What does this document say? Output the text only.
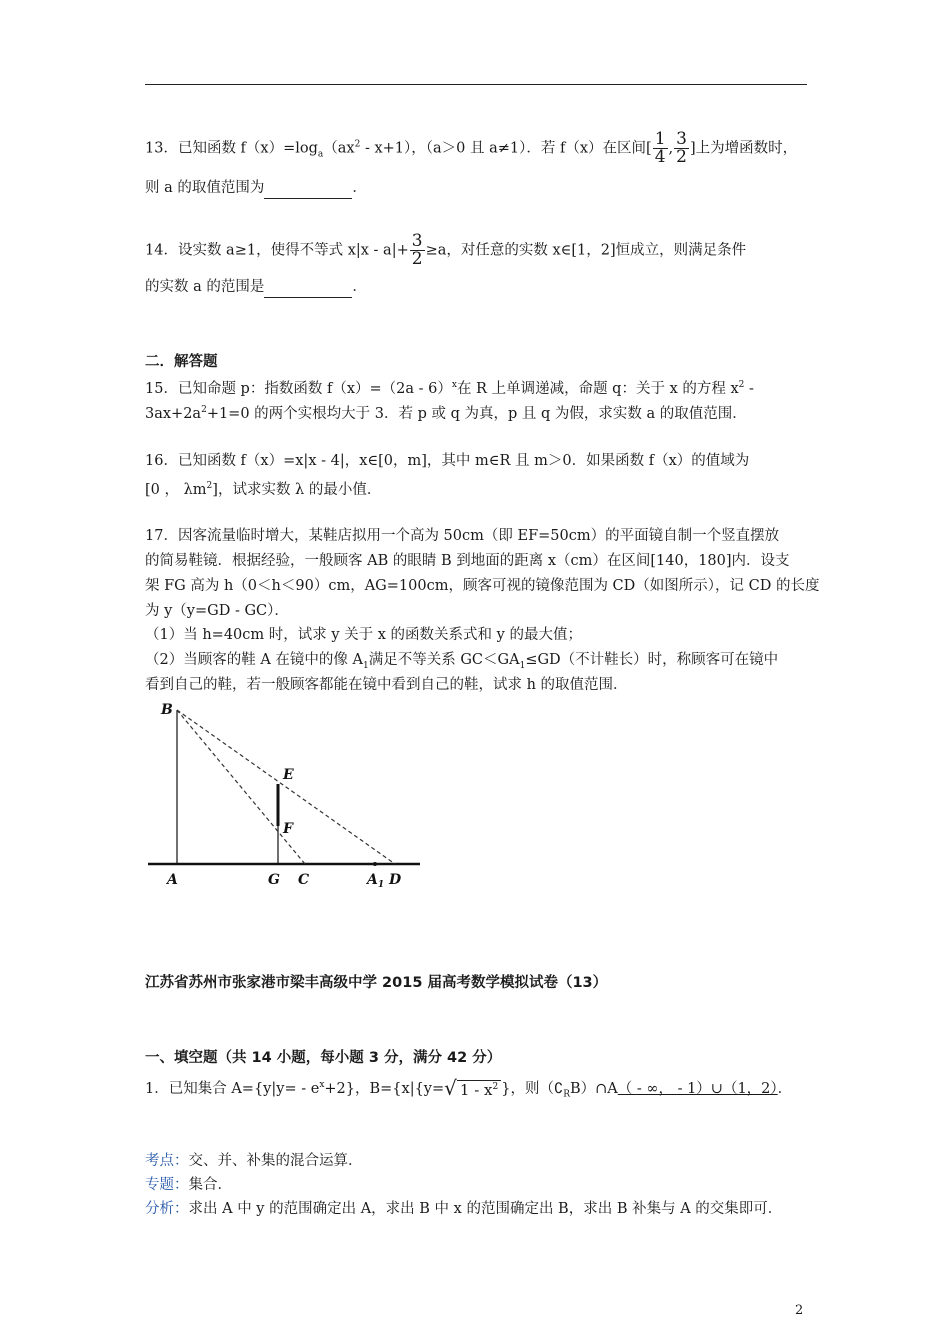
13．已知函数 $f(x)=\log_a(ax^2 - x+1)$，（a＞0 且 a≠1）．若 f（x）在区间[ $\frac{1}{4}$ , $\frac{3}{2}$ ]上为增函数时，
则 a 的取值范围为	．
14．设实数 a≥1，使得不等式 $x|x - a|+ \frac{3}{2} \ge a$，对任意的实数 x∈[1，2]恒成立，则满足条件
的实数 a 的范围是	．
二．解答题
15．已知命题 p：指数函数 f（x）=（2a - 6）$^x$在 R 上单调递减，命题 q：关于 x 的方程 $x^2$ -
$3ax+2a^2+1=0$ 的两个实根均大于 3．若 p 或 q 为真，p 且 q 为假，求实数 a 的取值范围．
16．已知函数 f（x）=x|x - 4|，x∈[0，m]，其中 m∈R 且 m＞0．如果函数 f（x）的值域为
[0 ， $\lambda m^2$]，试求实数 λ 的最小值．
17．因客流量临时增大，某鞋店拟用一个高为 50cm（即 EF=50cm）的平面镜自制一个竖直摆放
的简易鞋镜．根据经验，一般顾客 AB 的眼睛 B 到地面的距离 x（cm）在区间[140，180]内．设支
架 FG 高为 h（0＜h＜90）cm，AG=100cm，顾客可视的镜像范围为 CD（如图所示），记 CD 的长度
为 y（y=GD - GC）．
（1）当 h=40cm 时，试求 y 关于 x 的函数关系式和 y 的最大值；
（2）当顾客的鞋 A 在镜中的像 $A_1$满足不等关系 $GC<GA_1\le GD$（不计鞋长）时，称顾客可在镜中
看到自己的鞋，若一般顾客都能在镜中看到自己的鞋，试求 h 的取值范围．
B
E
F
A	G C	$A_1$ D
江苏省苏州市张家港市梁丰高级中学 2015 届高考数学模拟试卷（13）
一、填空题（共 14 小题，每小题 3 分，满分 42 分）
1．已知集合 $A=\{y|y= - e^x+2\}$，B={x|{y=√ $1 - x^2$ }，则$(∁_RB)\cap A$（ - ∞， - 1）∪（1，2）．
考点：交、并、补集的混合运算．
专题：集合．
分析：求出 A 中 y 的范围确定出 A，求出 B 中 x 的范围确定出 B，求出 B 补集与 A 的交集即可．
2
